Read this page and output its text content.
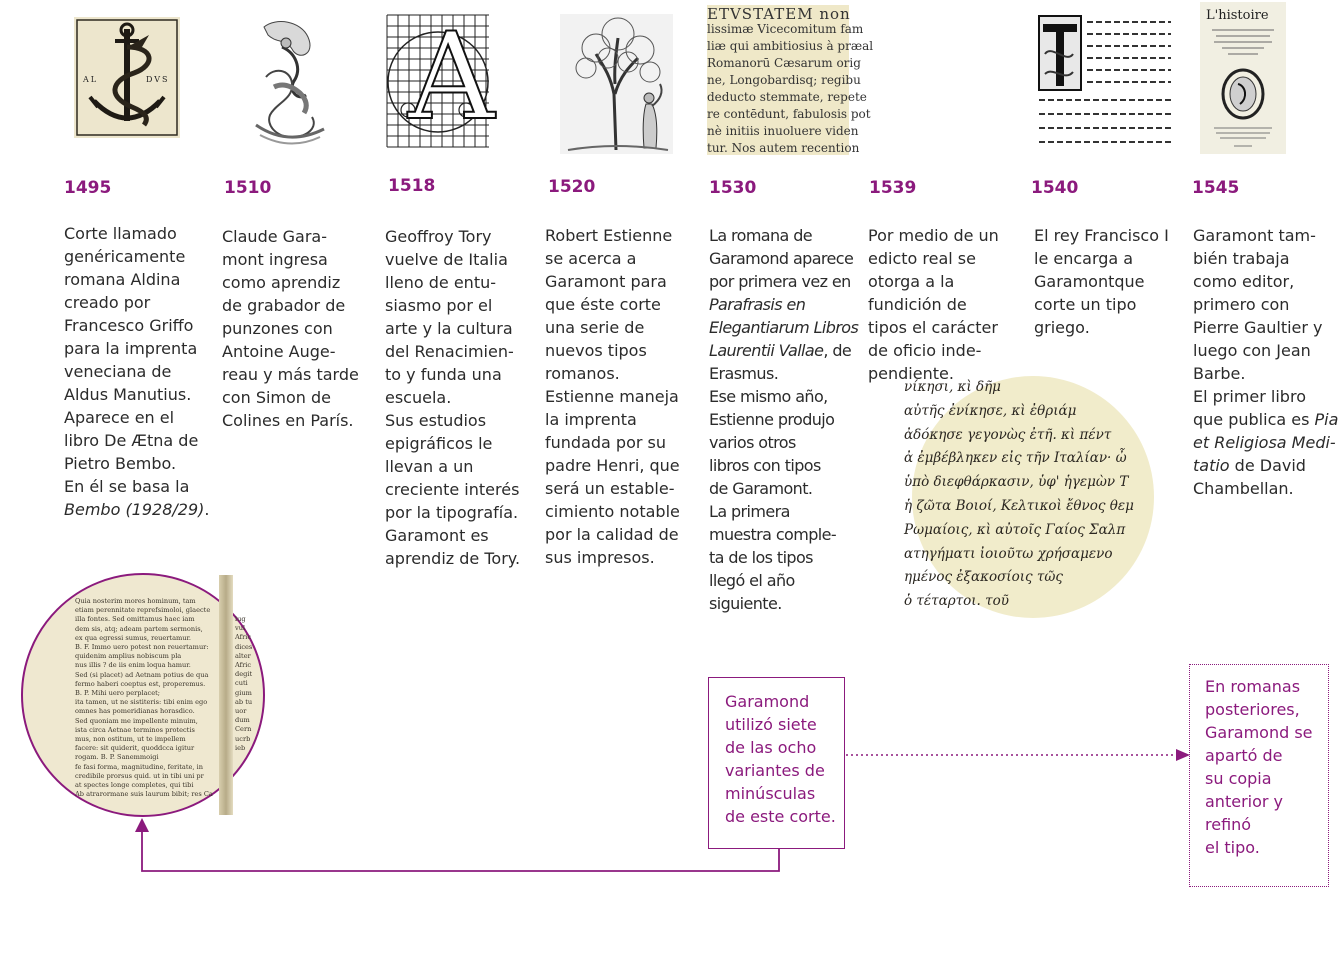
AL	DVS A	ETVSTATEM non
lissimæ Vicecomitum fam
liæ qui ambitiosius à præal
Romanorū Cæsarum orig
ne, Longobardisq; regibu
deducto stemmate, repete
re contēdunt, fabulosis pot
nè initiis inuoluere viden
tur. Nos autem recention
L'histoire
1495	1510	1518	1520	1530	1539	1540	1545
Corte llamado
genéricamente
romana Aldina
creado por
Francesco Griffo
para la imprenta
veneciana de
Aldus Manutius.
Aparece en el
libro De Ætna de
Pietro Bembo.
En él se basa la
Bembo (1928/29).
Claude Gara-
mont ingresa
como aprendiz
de grabador de
punzones con
Antoine Auge-
reau y más tarde
con Simon de
Colines en París.
Geoffroy Tory
vuelve de Italia
lleno de entu-
siasmo por el
arte y la cultura
del Renacimien-
to y funda una
escuela.
Sus estudios
epigráficos le
llevan a un
creciente interés
por la tipografía.
Garamont es
aprendiz de Tory.
Robert Estienne
se acerca a
Garamont para
que éste corte
una serie de
nuevos tipos
romanos.
Estienne maneja
la imprenta
fundada por su
padre Henri, que
será un estable-
cimiento notable
por la calidad de
sus impresos.
La romana de
Garamond aparece
por primera vez en
Parafrasis en
Elegantiarum Libros
Laurentii Vallae, de
Erasmus.
Ese mismo año,
Estienne produjo
varios otros
libros con tipos
de Garamont.
La primera
muestra comple-
ta de los tipos
llegó el año
siguiente.
Por medio de un
edicto real se
otorga a la
fundición de
tipos el carácter
de oficio inde-
pendiente.
El rey Francisco I
le encarga a
Garamontque
corte un tipo
griego.
Garamont tam-
bién trabaja
como editor,
primero con
Pierre Gaultier y
luego con Jean
Barbe.
El primer libro
que publica es Pia
et Religiosa Medi-
tatio de David
Chambellan.
νίκησι, κὶ δῆμ
αὐτῆς ἐνίκησε, κὶ ἐθριάμ
ἀδόκησε γεγονὼς ἐτῆ. κὶ πέντ
ἀ ἐμβέβληκεν εἰς τῆν Ιταλίαν· ὦ
ὑπὸ διεφθάρκασιν, ὑφ' ἡγεμὼν Τ
ἡ ζῶτα Βοιοί, Κελτικοὶ ἔθνος θεμ
Ρωμαίοις, κὶ αὐτοῖς Γαίος Σαλπ
ατηγήματι ἰοιοῦτω χρήσαμενο
ημένος ἐξακοσίοις τῶς
ὁ τέταρτοι. τοῦ
Quia nosterim mores hominum, tam
etiam perennitate reprefsimoloi, glaecte
illa fontes. Sed omittamus haec iam
dem sis, atq; adeam partem sermonis,
ex qua egressi sumus, reuertamur.
B. F. Immo uero potest non reuertamur:
quidenim amplius nobiscum pla
nus illis ? de iis enim loqua hamur.
Sed (si placet) ad Aetnam potius de qua
fermo haberi coeptus est, properemus.
B. P. Mihi uero perplacet;
ita tamen, ut ne sistiteris: tibi enim ego
omnes has pomeridianas horasdico.
Sed quoniam me impellente minuim,
ista circa Aetnae terminos protectis
mus, non ostitum, ut te impellem
facere: sit quiderit, quoddcca igitur
rogam. B. P. Sanemmoigi
fe fasi forma, magnitudine, feritate, in
credibile prorsus quid. ut in tibi uni pr
at spectes longe completes, qui tibi
Ab atrarormane suis laurum bibit; res Ca
lug
vul
Afric
dices
alter
Afric
degit
cuti
gium
ab tu
uor
dum
Cern
ucrb
ieb
Garamond
utilizó siete
de las ocho
variantes de
minúsculas
de este corte.
En romanas
posteriores,
Garamond se
apartó de
su copia
anterior y
refinó
el tipo.
